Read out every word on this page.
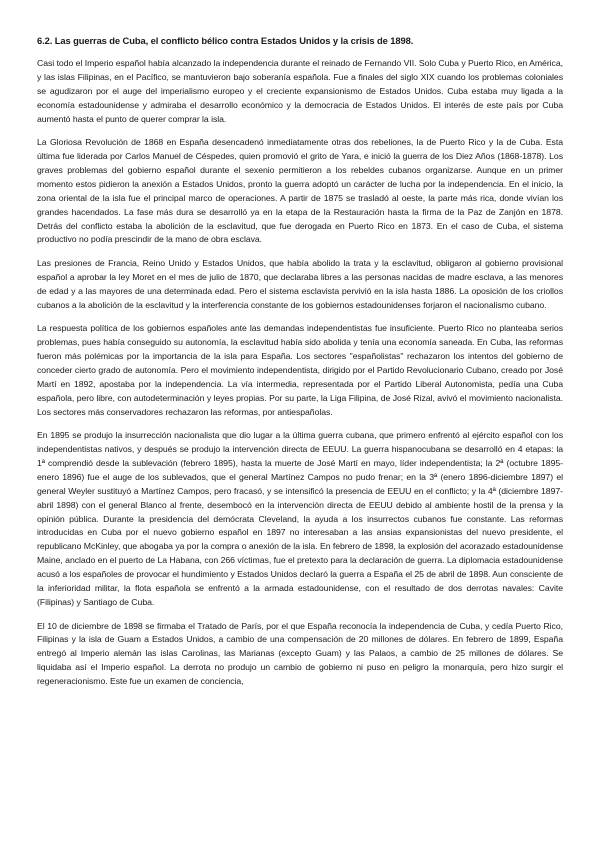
6.2. Las guerras de Cuba, el conflicto bélico contra Estados Unidos y la crisis de 1898.

Casi todo el Imperio español había alcanzado la independencia durante el reinado de Fernando VII. Solo Cuba y Puerto Rico, en América, y las islas Filipinas, en el Pacífico, se mantuvieron bajo soberanía española. Fue a finales del siglo XIX cuando los problemas coloniales se agudizaron por el auge del imperialismo europeo y el creciente expansionismo de Estados Unidos. Cuba estaba muy ligada a la economía estadounidense y admiraba el desarrollo económico y la democracia de Estados Unidos. El interés de este país por Cuba aumentó hasta el punto de querer comprar la isla.

La Gloriosa Revolución de 1868 en España desencadenó inmediatamente otras dos rebeliones, la de Puerto Rico y la de Cuba. Esta última fue liderada por Carlos Manuel de Céspedes, quien promovió el grito de Yara, e inició la guerra de los Diez Años (1868-1878). Los graves problemas del gobierno español durante el sexenio permitieron a los rebeldes cubanos organizarse. Aunque en un primer momento estos pidieron la anexión a Estados Unidos, pronto la guerra adoptó un carácter de lucha por la independencia. En el inicio, la zona oriental de la isla fue el principal marco de operaciones. A partir de 1875 se trasladó al oeste, la parte más rica, donde vivían los grandes hacendados. La fase más dura se desarrolló ya en la etapa de la Restauración hasta la firma de la Paz de Zanjón en 1878. Detrás del conflicto estaba la abolición de la esclavitud, que fue derogada en Puerto Rico en 1873. En el caso de Cuba, el sistema productivo no podía prescindir de la mano de obra esclava.

Las presiones de Francia, Reino Unido y Estados Unidos, que había abolido la trata y la esclavitud, obligaron al gobierno provisional español a aprobar la ley Moret en el mes de julio de 1870, que declaraba libres a las personas nacidas de madre esclava, a las menores de edad y a las mayores de una determinada edad. Pero el sistema esclavista pervivió en la isla hasta 1886. La oposición de los criollos cubanos a la abolición de la esclavitud y la interferencia constante de los gobiernos estadounidenses forjaron el nacionalismo cubano.

La respuesta política de los gobiernos españoles ante las demandas independentistas fue insuficiente. Puerto Rico no planteaba serios problemas, pues había conseguido su autonomía, la esclavitud había sido abolida y tenía una economía saneada. En Cuba, las reformas fueron más polémicas por la importancia de la isla para España. Los sectores "españolistas" rechazaron los intentos del gobierno de conceder cierto grado de autonomía. Pero el movimiento independentista, dirigido por el Partido Revolucionario Cubano, creado por José Martí en 1892, apostaba por la independencia. La vía intermedia, representada por el Partido Liberal Autonomista, pedía una Cuba española, pero libre, con autodeterminación y leyes propias. Por su parte, la Liga Filipina, de José Rizal, avivó el movimiento nacionalista. Los sectores más conservadores rechazaron las reformas, por antiespañolas.

En 1895 se produjo la insurrección nacionalista que dio lugar a la última guerra cubana, que primero enfrentó al ejército español con los independentistas nativos, y después se produjo la intervención directa de EEUU. La guerra hispanocubana se desarrolló en 4 etapas: la 1ª comprendió desde la sublevación (febrero 1895), hasta la muerte de José Martí en mayo, líder independentista; la 2ª (octubre 1895-enero 1896) fue el auge de los sublevados, que el general Martínez Campos no pudo frenar; en la 3ª (enero 1896-diciembre 1897) el general Weyler sustituyó a Martínez Campos, pero fracasó, y se intensificó la presencia de EEUU en el conflicto; y la 4ª (diciembre 1897-abril 1898) con el general Blanco al frente, desembocó en la intervención directa de EEUU debido al ambiente hostil de la prensa y la opinión pública. Durante la presidencia del demócrata Cleveland, la ayuda a los insurrectos cubanos fue constante. Las reformas introducidas en Cuba por el nuevo gobierno español en 1897 no interesaban a las ansias expansionistas del nuevo presidente, el republicano McKinley, que abogaba ya por la compra o anexión de la isla. En febrero de 1898, la explosión del acorazado estadounidense Maine, anclado en el puerto de La Habana, con 266 víctimas, fue el pretexto para la declaración de guerra. La diplomacia estadounidense acusó a los españoles de provocar el hundimiento y Estados Unidos declaró la guerra a España el 25 de abril de 1898. Aun consciente de la inferioridad militar, la flota española se enfrentó a la armada estadounidense, con el resultado de dos derrotas navales: Cavite (Filipinas) y Santiago de Cuba.

El 10 de diciembre de 1898 se firmaba el Tratado de París, por el que España reconocía la independencia de Cuba, y cedía Puerto Rico, Filipinas y la isla de Guam a Estados Unidos, a cambio de una compensación de 20 millones de dólares. En febrero de 1899, España entregó al Imperio alemán las islas Carolinas, las Marianas (excepto Guam) y las Palaos, a cambio de 25 millones de dólares. Se liquidaba así el Imperio español. La derrota no produjo un cambio de gobierno ni puso en peligro la monarquía, pero hizo surgir el regeneracionismo. Este fue un examen de conciencia,
